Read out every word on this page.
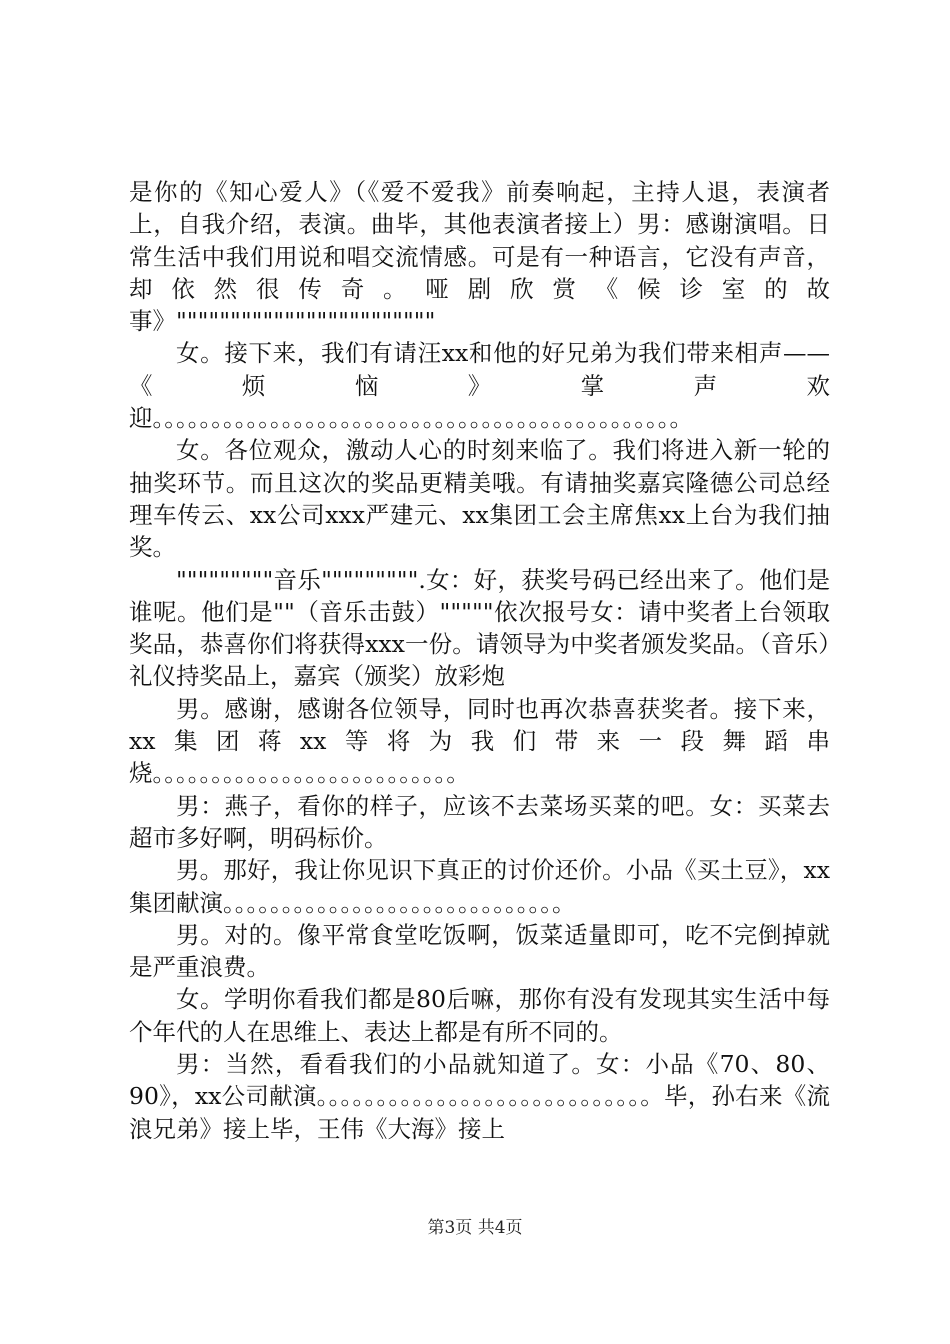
是你的《知心爱人》（《爱不爱我》前奏响起，主持人退，表演者上，自我介绍，表演。曲毕，其他表演者接上）男：感谢演唱。日常生活中我们用说和唱交流情感。可是有一种语言，它没有声音，却依然很传奇。哑剧欣赏《候诊室的故事》""""""""""""""""""""""""

女。接下来，我们有请汪xx和他的好兄弟为我们带来相声——《烦恼》掌声欢迎。。。。。。。。。。。。。。。。。。。。。。。。。。。。。。。。。。。。。。。。。。。。。

女。各位观众，激动人心的时刻来临了。我们将进入新一轮的抽奖环节。而且这次的奖品更精美哦。有请抽奖嘉宾隆德公司总经理车传云、xx公司xxx严建元、xx集团工会主席焦xx上台为我们抽奖。

"""""""""音乐""""""""".女：好，获奖号码已经出来了。他们是谁呢。他们是""（音乐击鼓）"""""依次报号女：请中奖者上台领取奖品，恭喜你们将获得xxx一份。请领导为中奖者颁发奖品。（音乐）礼仪持奖品上，嘉宾（颁奖）放彩炮

男。感谢，感谢各位领导，同时也再次恭喜获奖者。接下来，xx集团蒋xx等将为我们带来一段舞蹈串烧。。。。。。。。。。。。。。。。。。。。。。。。。。

男：燕子，看你的样子，应该不去菜场买菜的吧。女：买菜去超市多好啊，明码标价。

男。那好，我让你见识下真正的讨价还价。小品《买土豆》，xx集团献演。。。。。。。。。。。。。。。。。。。。。。。。。。。。。

男。对的。像平常食堂吃饭啊，饭菜适量即可，吃不完倒掉就是严重浪费。

女。学明你看我们都是80后嘛，那你有没有发现其实生活中每个年代的人在思维上、表达上都是有所不同的。

男：当然，看看我们的小品就知道了。女：小品《70、80、90》，xx公司献演。。。。。。。。。。。。。。。。。。。。。。。。。。。。毕，孙右来《流浪兄弟》接上毕，王伟《大海》接上

第3页 共4页
